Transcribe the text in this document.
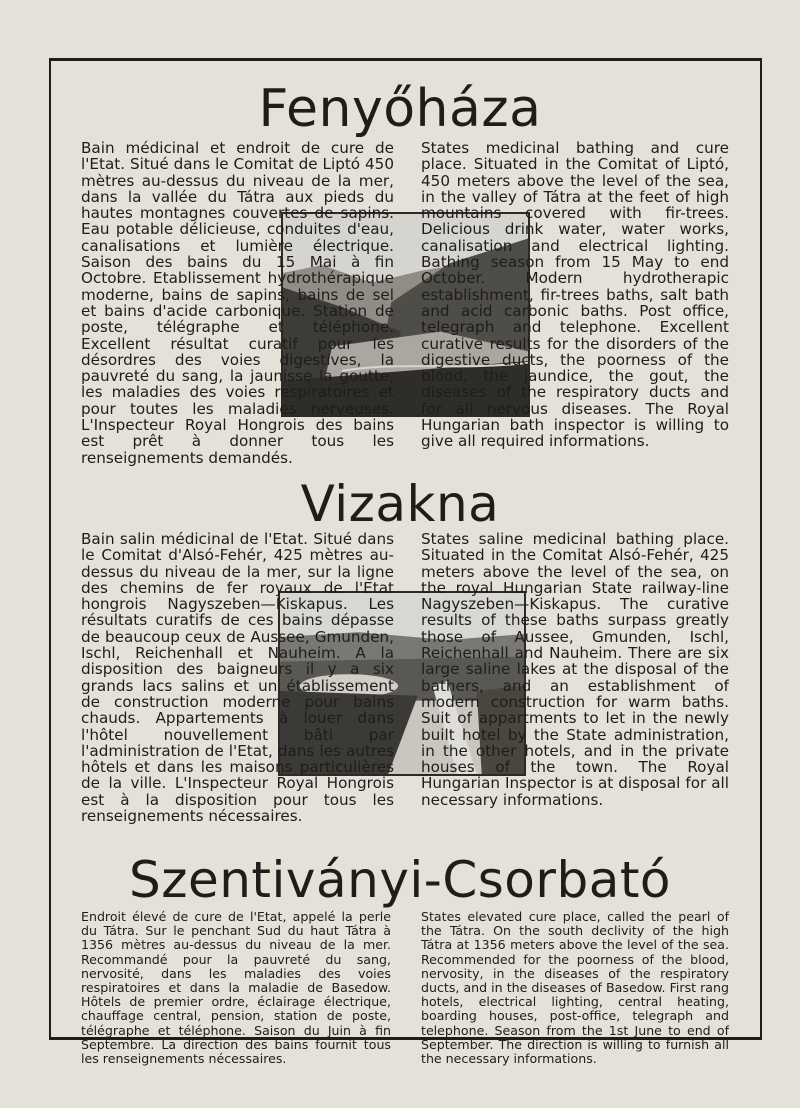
Fenyőháza
Bain médicinal et endroit de cure de l'Etat. Situé dans le Comitat de Liptó 450 mètres au-dessus du niveau de la mer, dans la vallée du Tátra aux pieds du hautes montagnes couvertes de sapins. Eau potable délicieuse, conduites d'eau, canalisations et lumière électrique. Saison des bains du 15 Mai à fin Octobre. Etablissement hydrothérapique moderne, bains de sapins, bains de sel et bains d'acide carbonique. Station de poste, télégraphe et téléphone. Excellent résultat curatif pour les désordres des voies digestives, la pauvreté du sang, la jaunisse la goutte, les maladies des voies respiratoires et pour toutes les maladies nerveuses. L'Inspecteur Royal Hongrois des bains est prêt à donner tous les renseignements demandés.
States medicinal bathing and cure place. Situated in the Comitat of Liptó, 450 meters above the level of the sea, in the valley of Tátra at the feet of high mountains covered with fir-trees. Delicious drink water, water works, canalisation and electrical lighting. Bathing season from 15 May to end October. Modern hydrotherapic establishment, fir-trees baths, salt bath and acid carbonic baths. Post office, telegraph and telephone. Excellent curative results for the disorders of the digestive ducts, the poorness of the blood, the jaundice, the gout, the diseases of the respiratory ducts and for all nervous diseases. The Royal Hungarian bath inspector is willing to give all required informations.
Vizakna
Bain salin médicinal de l'Etat. Situé dans le Comitat d'Alsó-Fehér, 425 mètres au-dessus du niveau de la mer, sur la ligne des chemins de fer royaux de l'Etat hongrois Nagyszeben—Kiskapus. Les résultats curatifs de ces bains dépasse de beaucoup ceux de Aussee, Gmunden, Ischl, Reichenhall et Nauheim. A la disposition des baigneurs il y a six grands lacs salins et un établissement de construction moderne pour bains chauds. Appartements à louer dans l'hôtel nouvellement bâti par l'administration de l'Etat, dans les autres hôtels et dans les maisons particulières de la ville. L'Inspecteur Royal Hongrois est à la disposition pour tous les renseignements nécessaires.
States saline medicinal bathing place. Situated in the Comitat Alsó-Fehér, 425 meters above the level of the sea, on the royal Hungarian State railway-line Nagyszeben—Kiskapus. The curative results of these baths surpass greatly those of Aussee, Gmunden, Ischl, Reichenhall and Nauheim. There are six large saline lakes at the disposal of the bathers, and an establishment of modern construction for warm baths. Suit of appartments to let in the newly built hotel by the State administration, in the other hotels, and in the private houses of the town. The Royal Hungarian Inspector is at disposal for all necessary informations.
Szentiványi-Csorbató
Endroit élevé de cure de l'Etat, appelé la perle du Tátra. Sur le penchant Sud du haut Tátra à 1356 mètres au-dessus du niveau de la mer. Recommandé pour la pauvreté du sang, nervosité, dans les maladies des voies respiratoires et dans la maladie de Basedow. Hôtels de premier ordre, éclairage électrique, chauffage central, pension, station de poste, télégraphe et téléphone. Saison du Juin à fin Septembre. La direction des bains fournit tous les renseignements nécessaires.
States elevated cure place, called the pearl of the Tátra. On the south declivity of the high Tátra at 1356 meters above the level of the sea. Recommended for the poorness of the blood, nervosity, in the diseases of the respiratory ducts, and in the diseases of Basedow. First rang hotels, electrical lighting, central heating, boarding houses, post-office, telegraph and telephone. Season from the 1st June to end of September. The direction is willing to furnish all the necessary informations.
